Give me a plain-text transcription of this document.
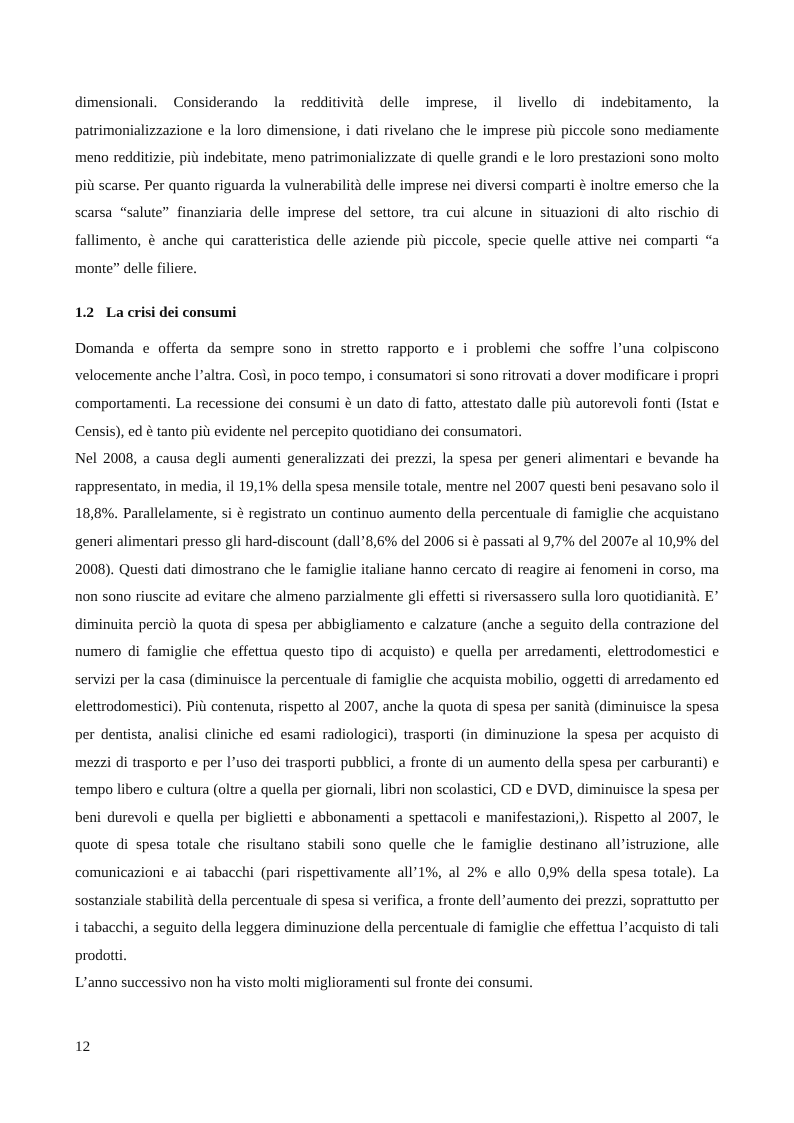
dimensionali. Considerando la redditività delle imprese, il livello di indebitamento, la patrimonializzazione e la loro dimensione, i dati rivelano che le imprese più piccole sono mediamente meno redditizie, più indebitate, meno patrimonializzate di quelle grandi e le loro prestazioni sono molto più scarse. Per quanto riguarda la vulnerabilità delle imprese nei diversi comparti è inoltre emerso che la scarsa “salute” finanziaria delle imprese del settore, tra cui alcune in situazioni di alto rischio di fallimento, è anche qui caratteristica delle aziende più piccole, specie quelle attive nei comparti “a monte” delle filiere.

1.2 La crisi dei consumi

Domanda e offerta da sempre sono in stretto rapporto e i problemi che soffre l’una colpiscono velocemente anche l’altra. Così, in poco tempo, i consumatori si sono ritrovati a dover modificare i propri comportamenti. La recessione dei consumi è un dato di fatto, attestato dalle più autorevoli fonti (Istat e Censis), ed è tanto più evidente nel percepito quotidiano dei consumatori.

Nel 2008, a causa degli aumenti generalizzati dei prezzi, la spesa per generi alimentari e bevande ha rappresentato, in media, il 19,1% della spesa mensile totale, mentre nel 2007 questi beni pesavano solo il 18,8%. Parallelamente, si è registrato un continuo aumento della percentuale di famiglie che acquistano generi alimentari presso gli hard-discount (dall’8,6% del 2006 si è passati al 9,7% del 2007e al 10,9% del 2008). Questi dati dimostrano che le famiglie italiane hanno cercato di reagire ai fenomeni in corso, ma non sono riuscite ad evitare che almeno parzialmente gli effetti si riversassero sulla loro quotidianità. E’ diminuita perciò la quota di spesa per abbigliamento e calzature (anche a seguito della contrazione del numero di famiglie che effettua questo tipo di acquisto) e quella per arredamenti, elettrodomestici e servizi per la casa (diminuisce la percentuale di famiglie che acquista mobilio, oggetti di arredamento ed elettrodomestici). Più contenuta, rispetto al 2007, anche la quota di spesa per sanità (diminuisce la spesa per dentista, analisi cliniche ed esami radiologici), trasporti (in diminuzione la spesa per acquisto di mezzi di trasporto e per l’uso dei trasporti pubblici, a fronte di un aumento della spesa per carburanti) e tempo libero e cultura (oltre a quella per giornali, libri non scolastici, CD e DVD, diminuisce la spesa per beni durevoli e quella per biglietti e abbonamenti a spettacoli e manifestazioni,). Rispetto al 2007, le quote di spesa totale che risultano stabili sono quelle che le famiglie destinano all’istruzione, alle comunicazioni e ai tabacchi (pari rispettivamente all’1%, al 2% e allo 0,9% della spesa totale). La sostanziale stabilità della percentuale di spesa si verifica, a fronte dell’aumento dei prezzi, soprattutto per i tabacchi, a seguito della leggera diminuzione della percentuale di famiglie che effettua l’acquisto di tali prodotti.

L’anno successivo non ha visto molti miglioramenti sul fronte dei consumi.

12
